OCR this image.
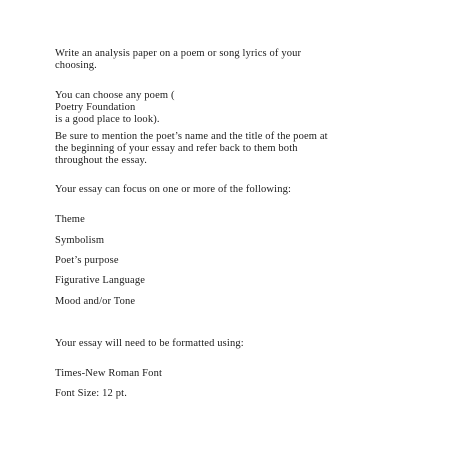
Write an analysis paper on a poem or song lyrics of your
choosing.
You can choose any poem (
Poetry Foundation
is a good place to look).
Be sure to mention the poet’s name and the title of the poem at
the beginning of your essay and refer back to them both
throughout the essay.
Your essay can focus on one or more of the following:
Theme
Symbolism
Poet’s purpose
Figurative Language
Mood and/or Tone
Your essay will need to be formatted using:
Times-New Roman Font
Font Size: 12 pt.
